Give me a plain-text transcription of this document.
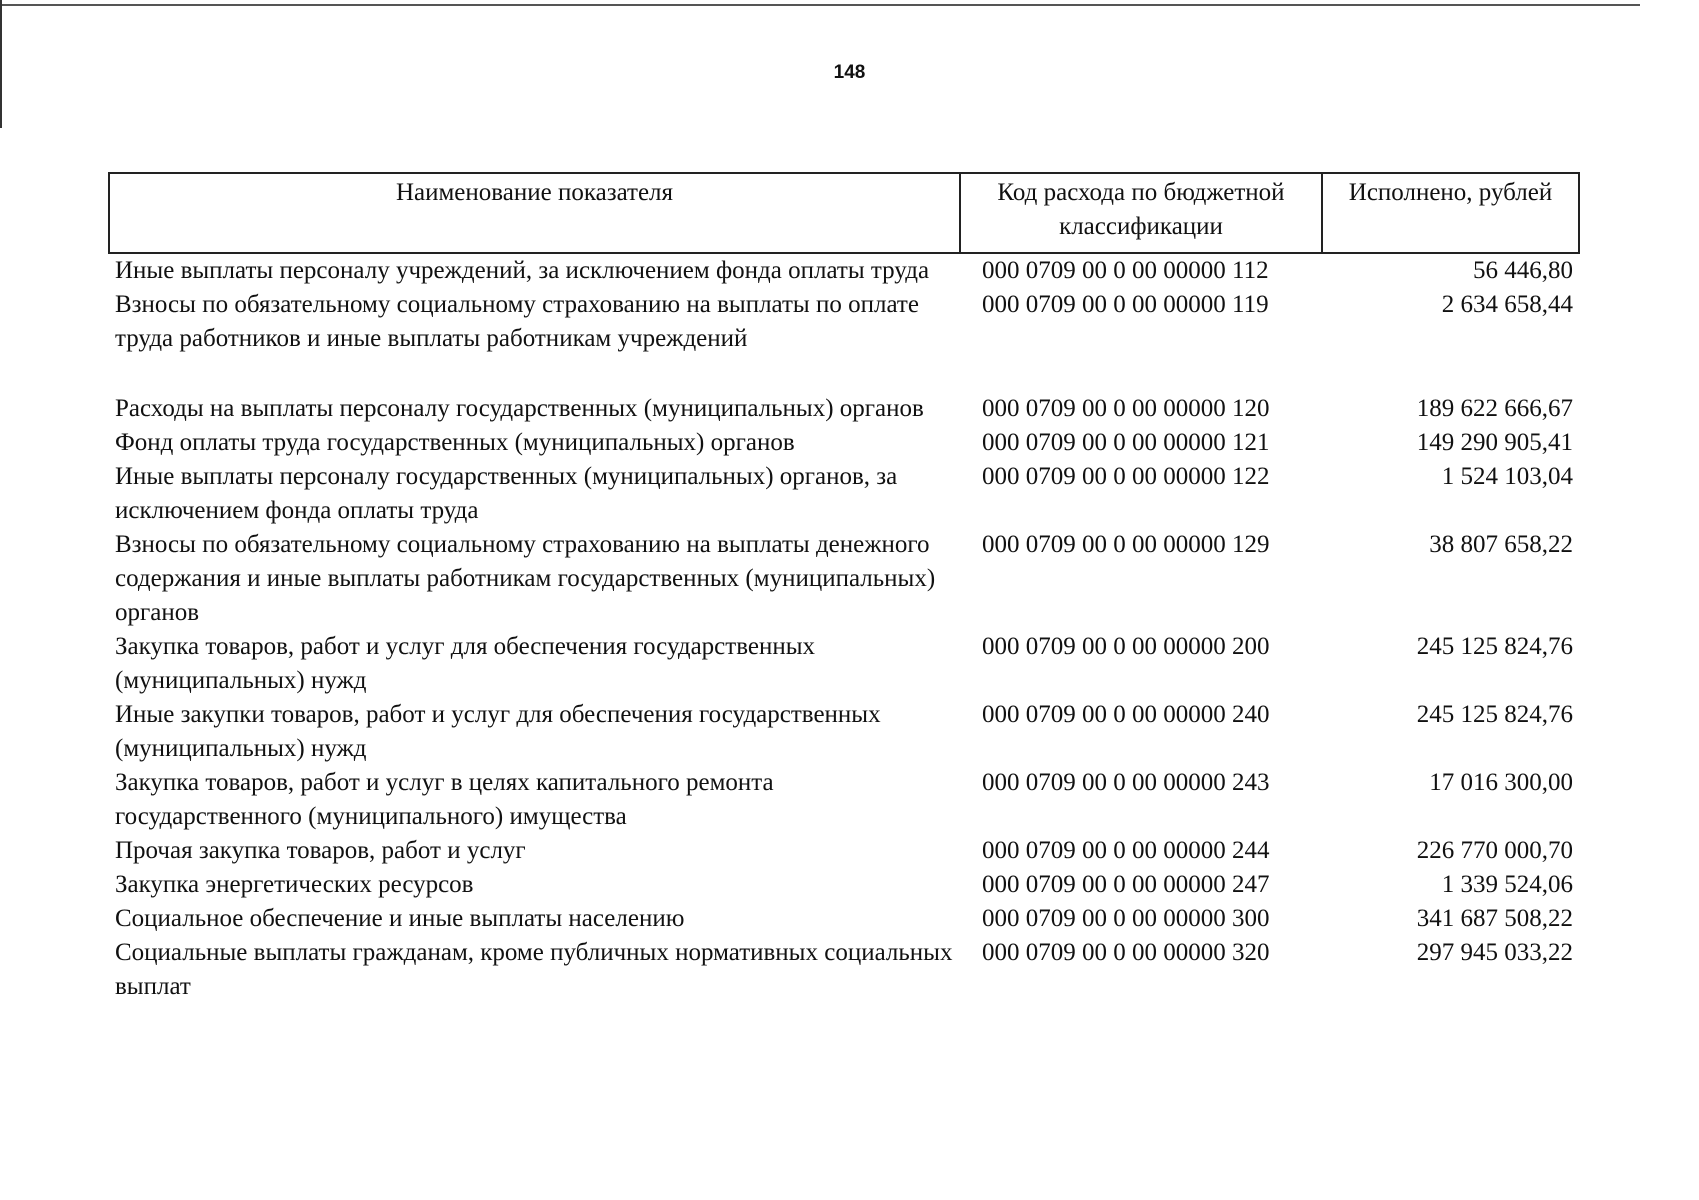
148
Наименование показателя	Код расхода по бюджетной классификации	Исполнено, рублей
Иные выплаты персоналу учреждений, за исключением фонда оплаты труда	000 0709 00 0 00 00000 112	56 446,80
Взносы по обязательному социальному страхованию на выплаты по оплате труда работников и иные выплаты работникам учреждений	000 0709 00 0 00 00000 119	2 634 658,44
Расходы на выплаты персоналу государственных (муниципальных) органов	000 0709 00 0 00 00000 120	189 622 666,67
Фонд оплаты труда государственных (муниципальных) органов	000 0709 00 0 00 00000 121	149 290 905,41
Иные выплаты персоналу государственных (муниципальных) органов, за исключением фонда оплаты труда	000 0709 00 0 00 00000 122	1 524 103,04
Взносы по обязательному социальному страхованию на выплаты денежного содержания и иные выплаты работникам государственных (муниципальных) органов	000 0709 00 0 00 00000 129	38 807 658,22
Закупка товаров, работ и услуг для обеспечения государственных (муниципальных) нужд	000 0709 00 0 00 00000 200	245 125 824,76
Иные закупки товаров, работ и услуг для обеспечения государственных (муниципальных) нужд	000 0709 00 0 00 00000 240	245 125 824,76
Закупка товаров, работ и услуг в целях капитального ремонта государственного (муниципального) имущества	000 0709 00 0 00 00000 243	17 016 300,00
Прочая закупка товаров, работ и услуг	000 0709 00 0 00 00000 244	226 770 000,70
Закупка энергетических ресурсов	000 0709 00 0 00 00000 247	1 339 524,06
Социальное обеспечение и иные выплаты населению	000 0709 00 0 00 00000 300	341 687 508,22
Социальные выплаты гражданам, кроме публичных нормативных социальных выплат	000 0709 00 0 00 00000 320	297 945 033,22
